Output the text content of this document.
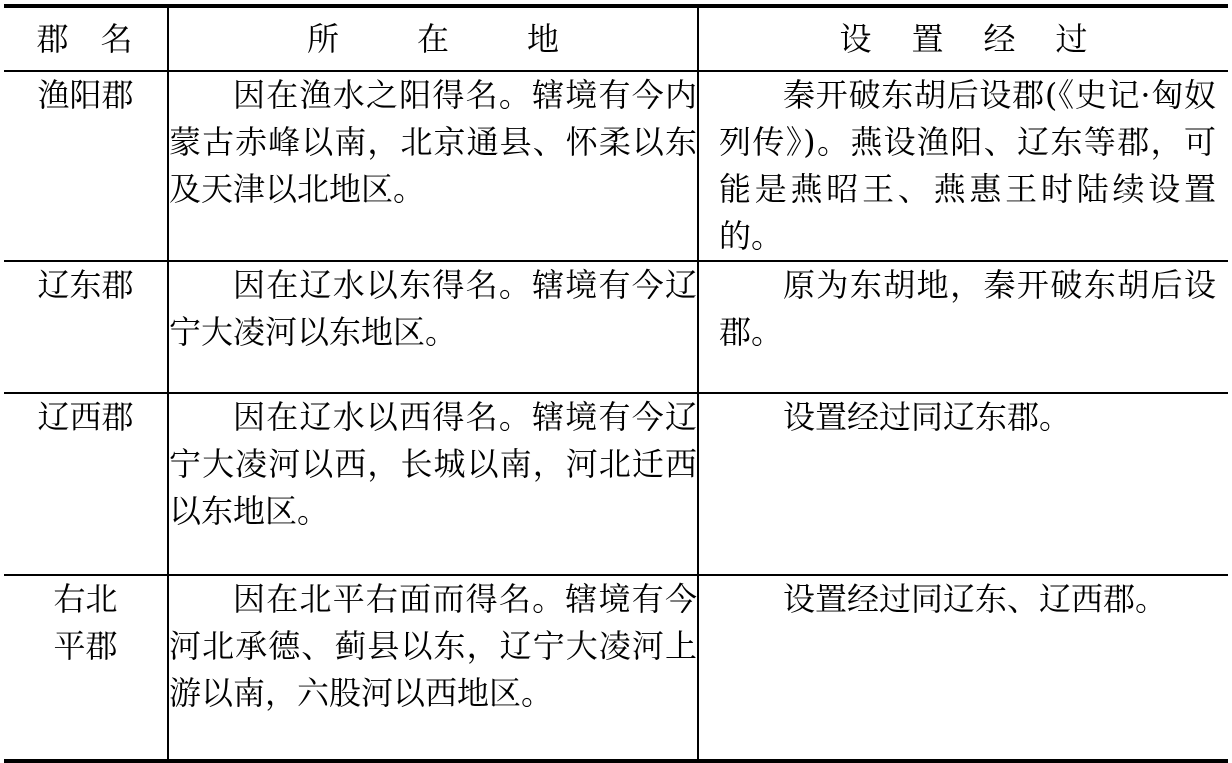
郡名	所在地	设置经过
渔阳郡	因在渔水之阳得名。辖境有今内蒙古赤峰以南，北京通县、怀柔以东及天津以北地区。	秦开破东胡后设郡(《史记·匈奴列传》)。燕设渔阳、辽东等郡，可能是燕昭王、燕惠王时陆续设置的。
辽东郡	因在辽水以东得名。辖境有今辽宁大凌河以东地区。	原为东胡地，秦开破东胡后设郡。
辽西郡	因在辽水以西得名。辖境有今辽宁大凌河以西，长城以南，河北迁西以东地区。	设置经过同辽东郡。

右北平郡	因在北平右面而得名。辖境有今河北承德、蓟县以东，辽宁大凌河上游以南，六股河以西地区。	设置经过同辽东、辽西郡。
